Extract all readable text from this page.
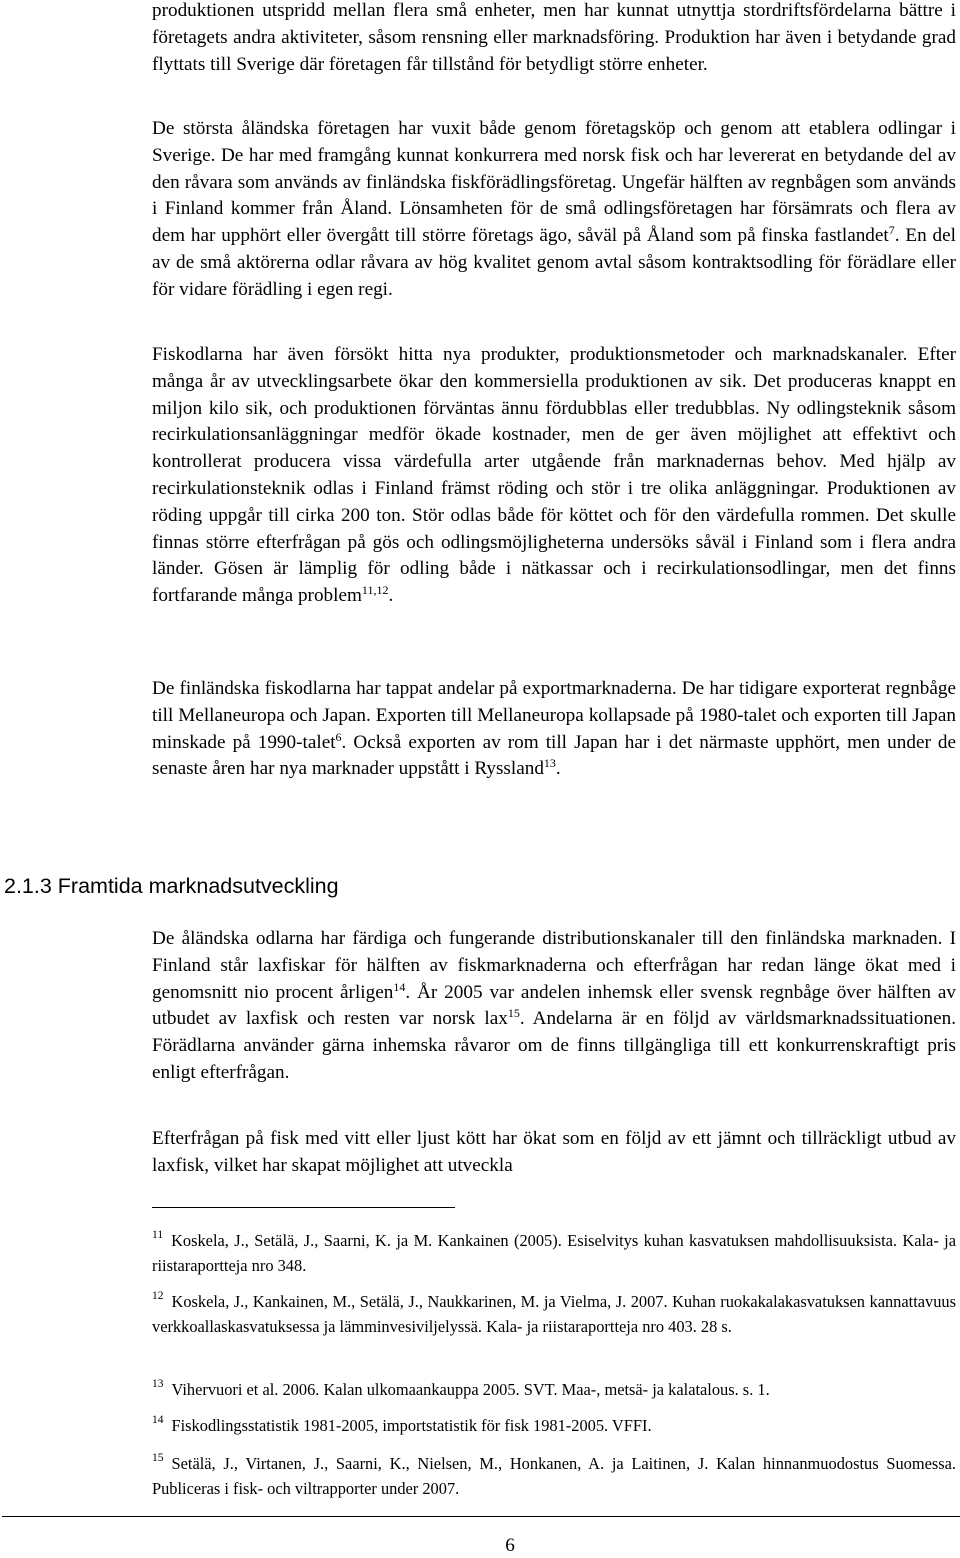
produktionen utspridd mellan flera små enheter, men har kunnat utnyttja stordriftsfördelarna bättre i företagets andra aktiviteter, såsom rensning eller marknadsföring. Produktion har även i betydande grad flyttats till Sverige där företagen får tillstånd för betydligt större enheter.

De största åländska företagen har vuxit både genom företagsköp och genom att etablera odlingar i Sverige. De har med framgång kunnat konkurrera med norsk fisk och har levererat en betydande del av den råvara som används av finländska fiskförädlingsföretag. Ungefär hälften av regnbågen som används i Finland kommer från Åland. Lönsamheten för de små odlingsföretagen har försämrats och flera av dem har upphört eller övergått till större företags ägo, såväl på Åland som på finska fastlandet$^7$. En del av de små aktörerna odlar råvara av hög kvalitet genom avtal såsom kontraktsodling för förädlare eller för vidare förädling i egen regi.

Fiskodlarna har även försökt hitta nya produkter, produktionsmetoder och marknadskanaler. Efter många år av utvecklingsarbete ökar den kommersiella produktionen av sik. Det produceras knappt en miljon kilo sik, och produktionen förväntas ännu fördubblas eller tredubblas. Ny odlingsteknik såsom recirkulationsanläggningar medför ökade kostnader, men de ger även möjlighet att effektivt och kontrollerat producera vissa värdefulla arter utgående från marknadernas behov. Med hjälp av recirkulationsteknik odlas i Finland främst röding och stör i tre olika anläggningar. Produktionen av röding uppgår till cirka 200 ton. Stör odlas både för köttet och för den värdefulla rommen. Det skulle finnas större efterfrågan på gös och odlingsmöjligheterna undersöks såväl i Finland som i flera andra länder. Gösen är lämplig för odling både i nätkassar och i recirkulationsodlingar, men det finns fortfarande många problem$^{11,12}$.

De finländska fiskodlarna har tappat andelar på exportmarknaderna. De har tidigare exporterat regnbåge till Mellaneuropa och Japan. Exporten till Mellaneuropa kollapsade på 1980-talet och exporten till Japan minskade på 1990-talet$^6$. Också exporten av rom till Japan har i det närmaste upphört, men under de senaste åren har nya marknader uppstått i Ryssland$^{13}$.

2.1.3 Framtida marknadsutveckling

De åländska odlarna har färdiga och fungerande distributionskanaler till den finländska marknaden. I Finland står laxfiskar för hälften av fiskmarknaderna och efterfrågan har redan länge ökat med i genomsnitt nio procent årligen$^{14}$. År 2005 var andelen inhemsk eller svensk regnbåge över hälften av utbudet av laxfisk och resten var norsk lax$^{15}$. Andelarna är en följd av världsmarknadssituationen. Förädlarna använder gärna inhemska råvaror om de finns tillgängliga till ett konkurrenskraftigt pris enligt efterfrågan.

Efterfrågan på fisk med vitt eller ljust kött har ökat som en följd av ett jämnt och tillräckligt utbud av laxfisk, vilket har skapat möjlighet att utveckla

$^{11}$ Koskela, J., Setälä, J., Saarni, K. ja M. Kankainen (2005). Esiselvitys kuhan kasvatuksen mahdollisuuksista. Kala- ja riistaraportteja nro 348.

$^{12}$ Koskela, J., Kankainen, M., Setälä, J., Naukkarinen, M. ja Vielma, J. 2007. Kuhan ruokakalakasvatuksen kannattavuus verkkoallaskasvatuksessa ja lämminvesiviljelyssä. Kala- ja riistaraportteja nro 403. 28 s.

$^{13}$ Vihervuori et al. 2006. Kalan ulkomaankauppa 2005. SVT. Maa-, metsä- ja kalatalous. s. 1.

$^{14}$ Fiskodlingsstatistik 1981-2005, importstatistik för fisk 1981-2005. VFFI.

$^{15}$ Setälä, J., Virtanen, J., Saarni, K., Nielsen, M., Honkanen, A. ja Laitinen, J. Kalan hinnanmuodostus Suomessa. Publiceras i fisk- och viltrapporter under 2007.

6
